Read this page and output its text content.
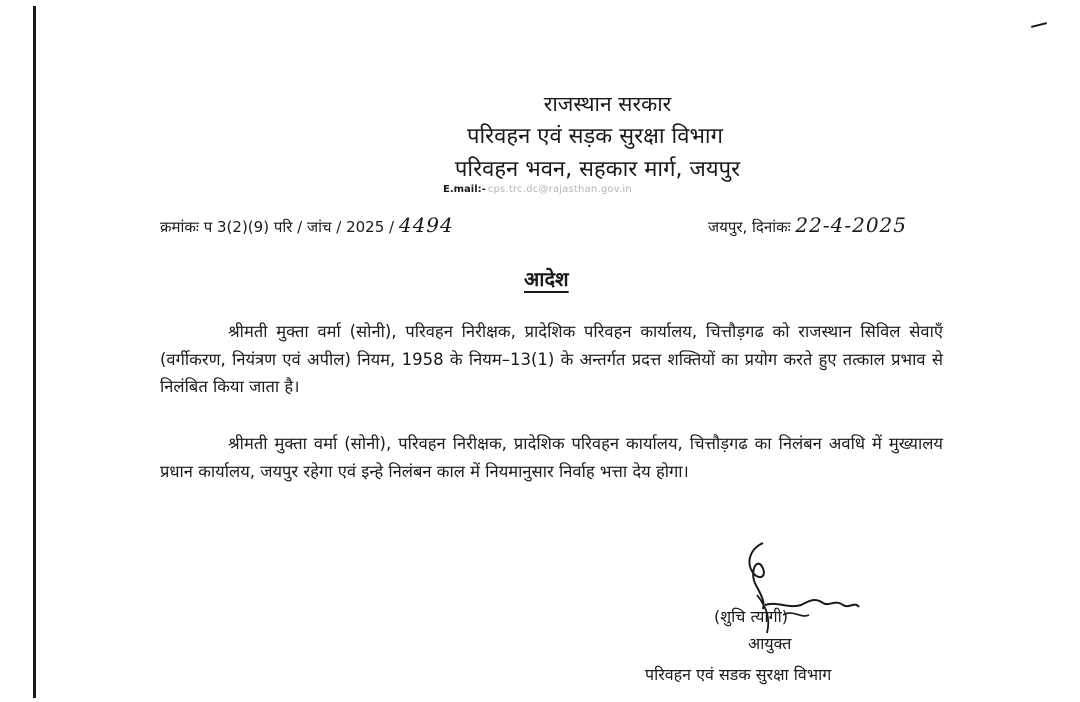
राजस्थान सरकार
परिवहन एवं सड़क सुरक्षा विभाग
परिवहन भवन, सहकार मार्ग, जयपुर
E.mail:- cps.trc.dc@rajasthan.gov.in
क्रमांकः प 3(2)(9) परि / जांच / 2025 / 4494	जयपुर, दिनांकः 22-4-2025
आदेश
श्रीमती मुक्ता वर्मा (सोनी), परिवहन निरीक्षक, प्रादेशिक परिवहन कार्यालय, चित्तौड़गढ को राजस्थान सिविल सेवाएँ (वर्गीकरण, नियंत्रण एवं अपील) नियम, 1958 के नियम–13(1) के अन्तर्गत प्रदत्त शक्तियों का प्रयोग करते हुए तत्काल प्रभाव से निलंबित किया जाता है।
श्रीमती मुक्ता वर्मा (सोनी), परिवहन निरीक्षक, प्रादेशिक परिवहन कार्यालय, चित्तौड़गढ का निलंबन अवधि में मुख्यालय प्रधान कार्यालय, जयपुर रहेगा एवं इन्हे निलंबन काल में नियमानुसार निर्वाह भत्ता देय होगा।
(शुचि त्यागी)
आयुक्त
परिवहन एवं सडक सुरक्षा विभाग
